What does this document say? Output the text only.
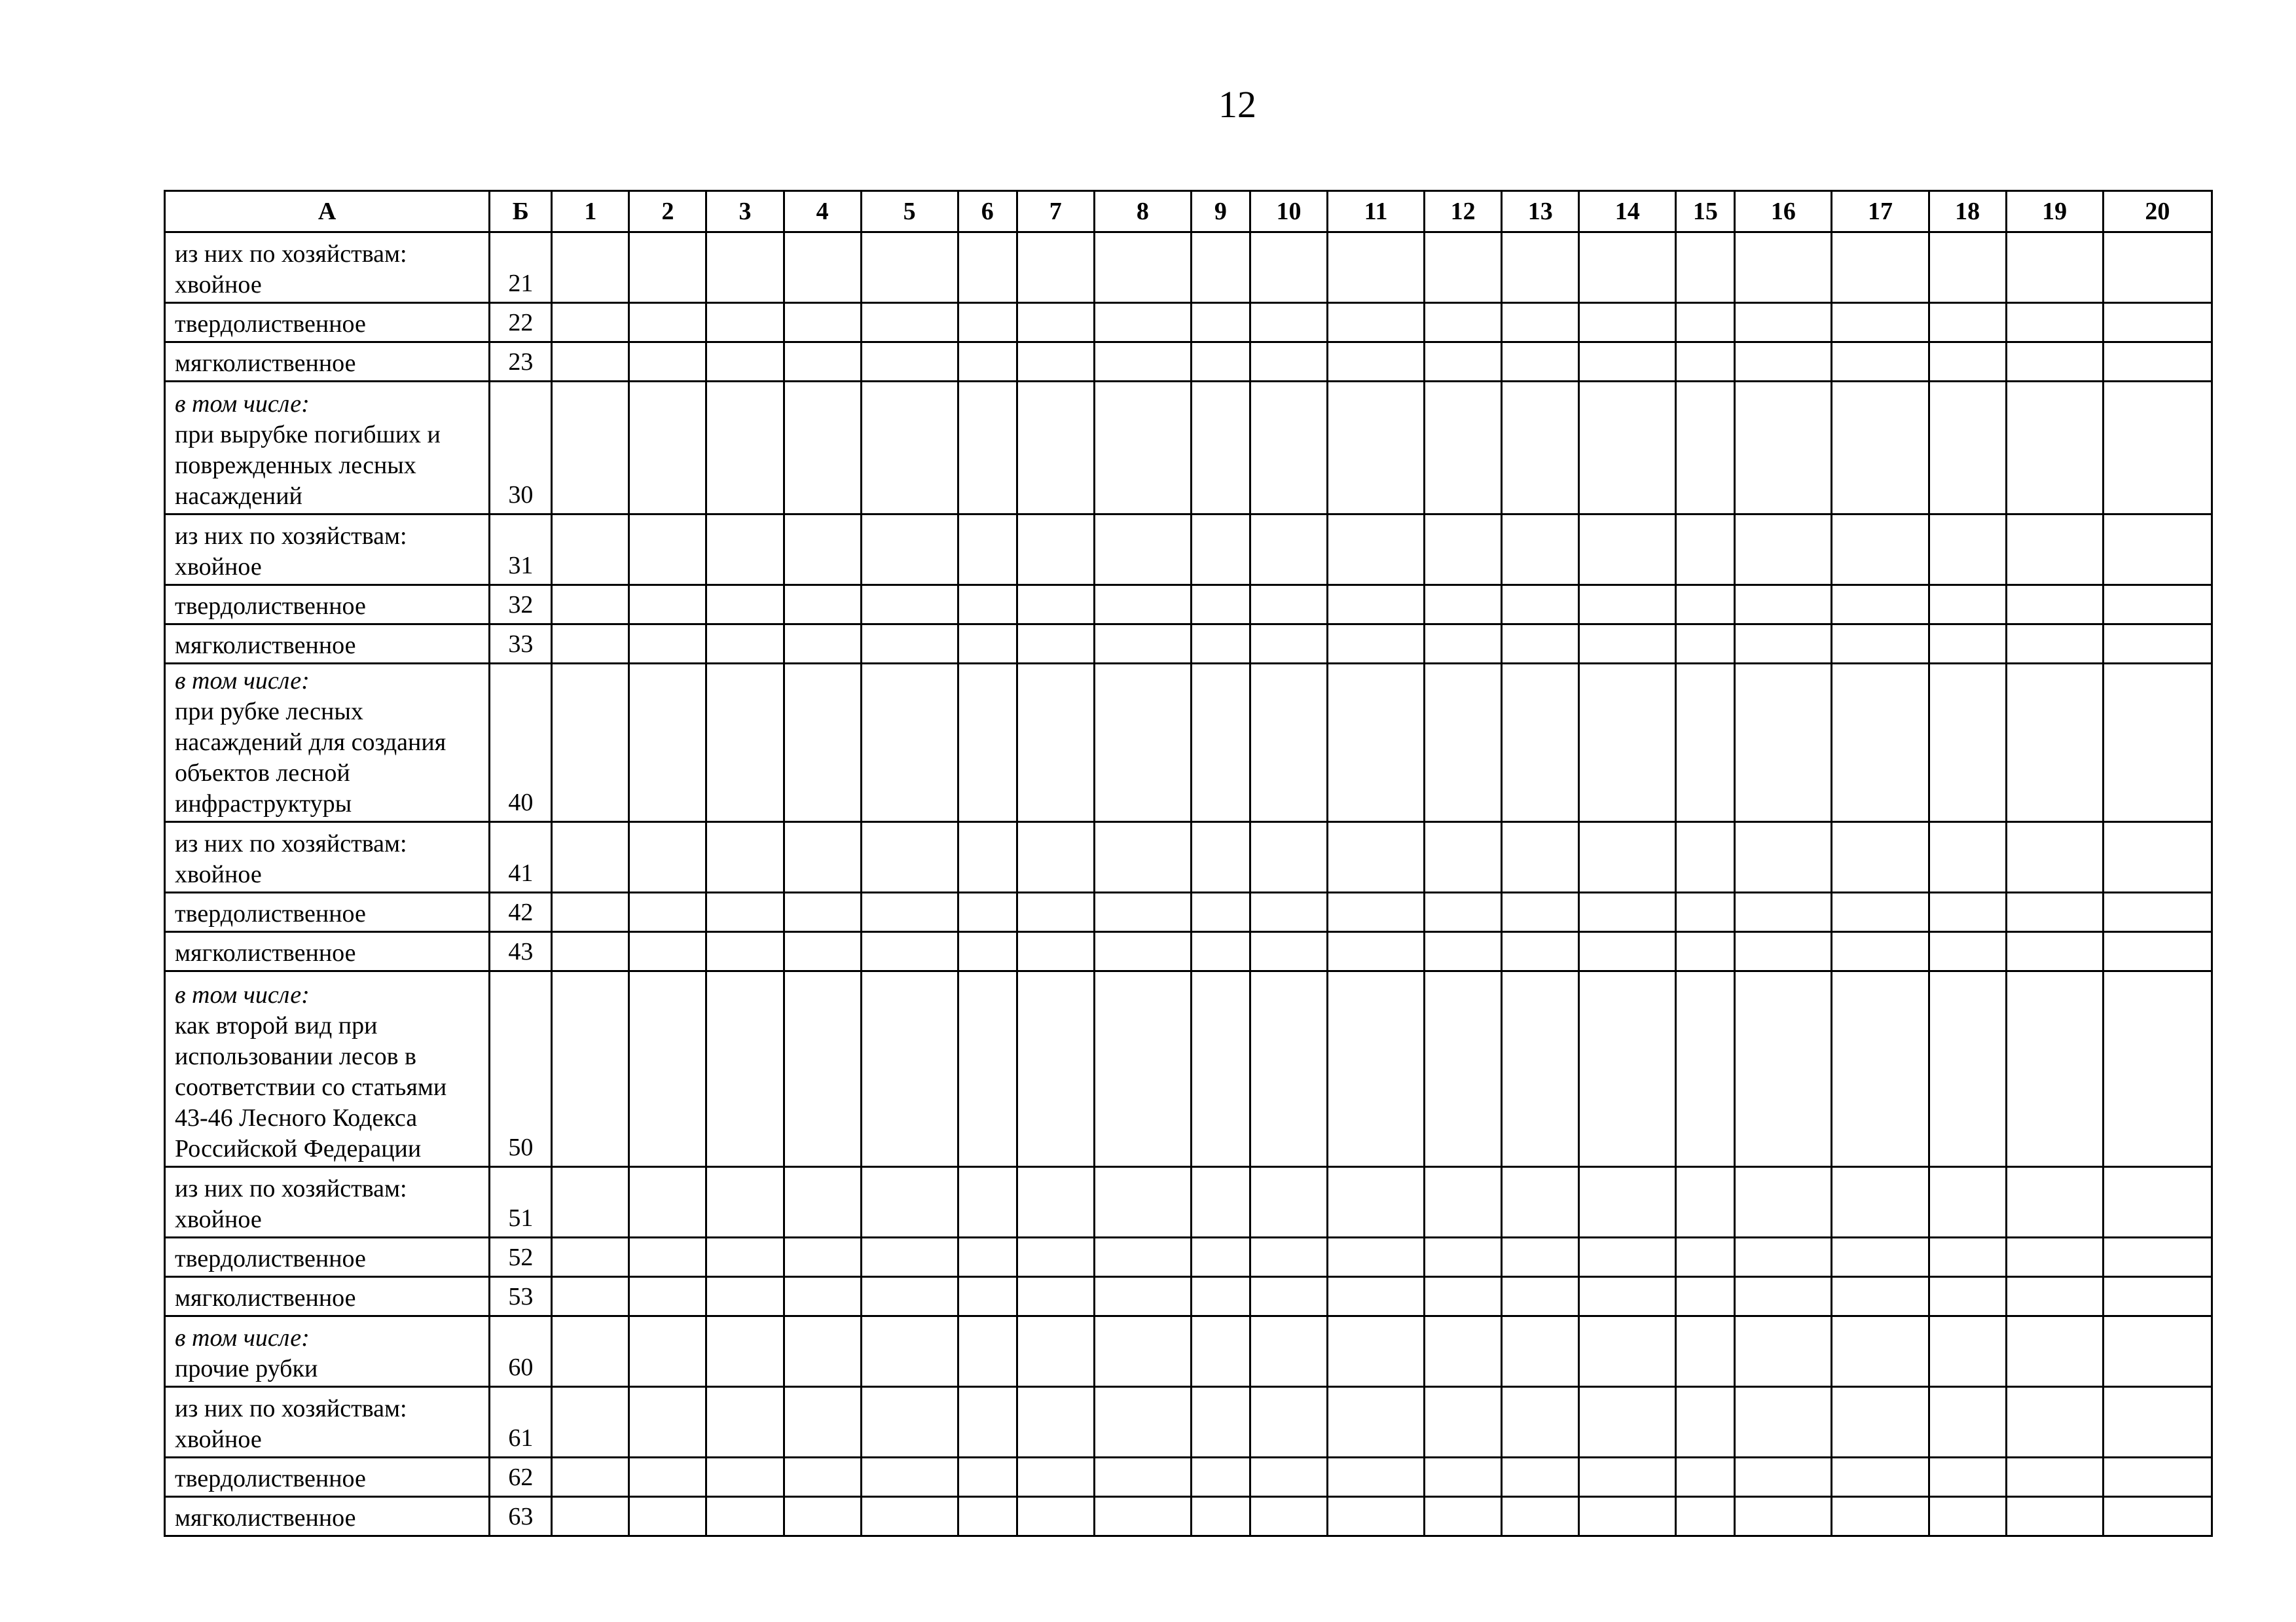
12
А	Б	1	2	3	4	5	6	7	8	9	10	11	12	13	14	15	16	17	18	19	20

из них по хозяйствам:
хвойное	21																				

твердолиственное	22																				

мягколиственное	23																				

в том числе:
при вырубке погибших и поврежденных лесных насаждений	30																				

из них по хозяйствам:
хвойное	31																				

твердолиственное	32																				

мягколиственное	33																				

в том числе:
при рубке лесных насаждений для создания объектов лесной инфраструктуры	40																				

из них по хозяйствам:
хвойное	41																				

твердолиственное	42																				

мягколиственное	43																				

в том числе:
как второй вид при использовании лесов в соответствии со статьями 43-46 Лесного Кодекса Российской Федерации	50																				

из них по хозяйствам:
хвойное	51																				

твердолиственное	52																				

мягколиственное	53																				

в том числе:
прочие рубки	60																				

из них по хозяйствам:
хвойное	61																				

твердолиственное	62																				

мягколиственное	63																				
